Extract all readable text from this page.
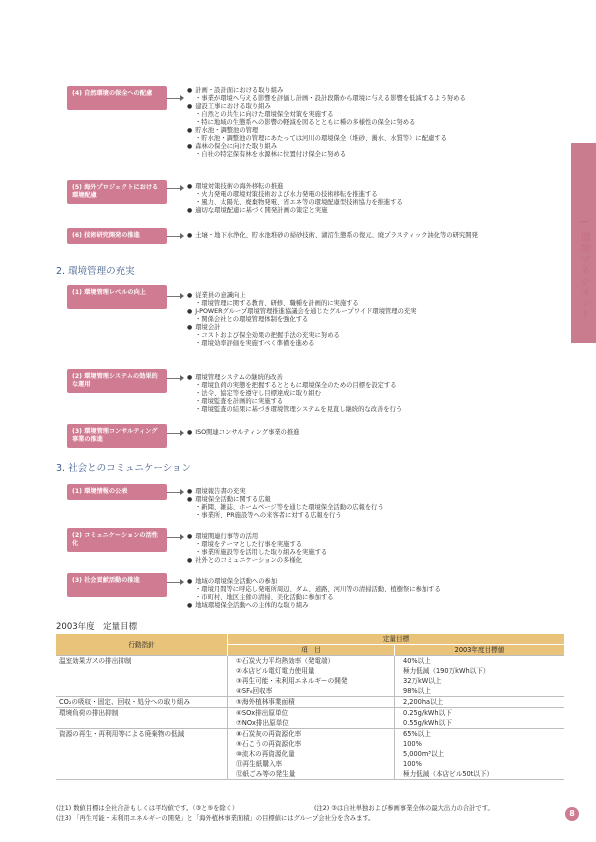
I. 環境マネジメント
(4) 自然環境の保全への配慮	● 計画・設計面における取り組み
・ 事業が環境へ与える影響を評価し計画・設計段階から環境に与える影響を低減するよう努める
● 建設工事における取り組み
・ 自然との共生に向けた環境保全対策を実施する
・ 特に地域の生態系への影響の軽減を図るとともに種の多様性の保全に努める
● 貯水池・調整池の管理
・ 貯水池・調整池の管理にあたっては河川の環境保全（堆砂、濁水、水質等）に配慮する
● 森林の保全に向けた取り組み
・ 自社の特定保有林を水源林に位置付け保全に努める
(5) 海外プロジェクトにおける環境配慮
● 環境対策技術の海外移転の推進
・ 火力発電の環境対策技術および水力発電の技術移転を推進する
・ 風力、太陽光、廃棄物発電、省エネ等の環境配慮型技術協力を推進する
● 適切な環境配慮に基づく開発計画の策定と実施
(6) 技術研究開発の推進	● 土壌・地下水浄化、貯水池堆砂の掃砂技術、湖沼生態系の復元、廃プラスティック油化等の研究開発
2. 環境管理の充実
(1) 環境管理レベルの向上	● 従業員の意識向上
・ 環境管理に関する教育、研修、職種を計画的に実施する
● J-POWERグループ環境管理推進協議会を通じたグループワイド環境管理の充実
・ 関係会社との環境管理体制を強化する
● 環境会計
・ コストおよび保全効果の把握手法の充実に努める
・ 環境効率評価を実施すべく準備を進める
(2) 環境管理システムの効果的な運用
● 環境管理システムの継続的改善
・ 環境負荷の実態を把握するとともに環境保全のための目標を設定する
・ 法令、協定等を遵守し目標達成に取り組む
・ 環境監査を計画的に実施する
・ 環境監査の結果に基づき環境管理システムを見直し継続的な改善を行う
(3) 環境管理コンサルティング事業の推進
● ISO関連コンサルティング事業の推進
3. 社会とのコミュニケーション
(1) 環境情報の公表	● 環境報告書の充実
● 環境保全活動に関する広報
・ 新聞、雑誌、ホームページ等を通じた環境保全活動の広報を行う
・ 事業所、PR施設等への来客者に対する広報を行う
(2) コミュニケーションの活性化
● 環境関連行事等の活用
・ 環境をテーマとした行事を実施する
・ 事業所施設等を活用した取り組みを実施する
● 社外とのコミュニケーションの多様化
(3) 社会貢献活動の推進	● 地域の環境保全活動への参加
・ 環境月間等に呼応し発電所周辺、ダム、道路、河川等の清掃活動、植樹祭に参加する
・ 市町村、地区主催の清掃、美化活動に参加する
● 地域環境保全活動への主体的な取り組み
2003年度　定量目標
行動指針	定量目標	
	項　目	2003年度目標値
温室効果ガスの排出抑制	①石炭火力平均熱効率（発電端）	40%以上
	②本店ビル電灯電力使用量	極力低減（190万kWh以下）
	③再生可能・未利用エネルギーの開発	32万kW以上
	④SF₆回収率	98%以上
CO₂の吸収・固定、回収・処分への取り組み	⑤海外植林事業面積	2,200ha以上
環境負荷の排出抑制	⑥SOx排出原単位	0.25g/kWh以下
	⑦NOx排出原単位	0.55g/kWh以下
資源の再生・再利用等による廃棄物の低減	⑧石炭灰の再資源化率	65%以上
	⑨石こうの再資源化率	100%
	⑩流木の再資源化量	5,000m³以上
	⑪再生紙購入率	100%
	⑫紙ごみ等の発生量	極力低減（本店ビル50t以下）
(注1) 数値目標は全社合計もしくは平均値です。（③と⑤を除く）	(注2) ③は自社単独および参画事業全体の最大出力の合計です。
(注3) 「再生可能・未利用エネルギーの開発」と「海外植林事業面積」の目標値にはグループ会社分を含みます。
8
